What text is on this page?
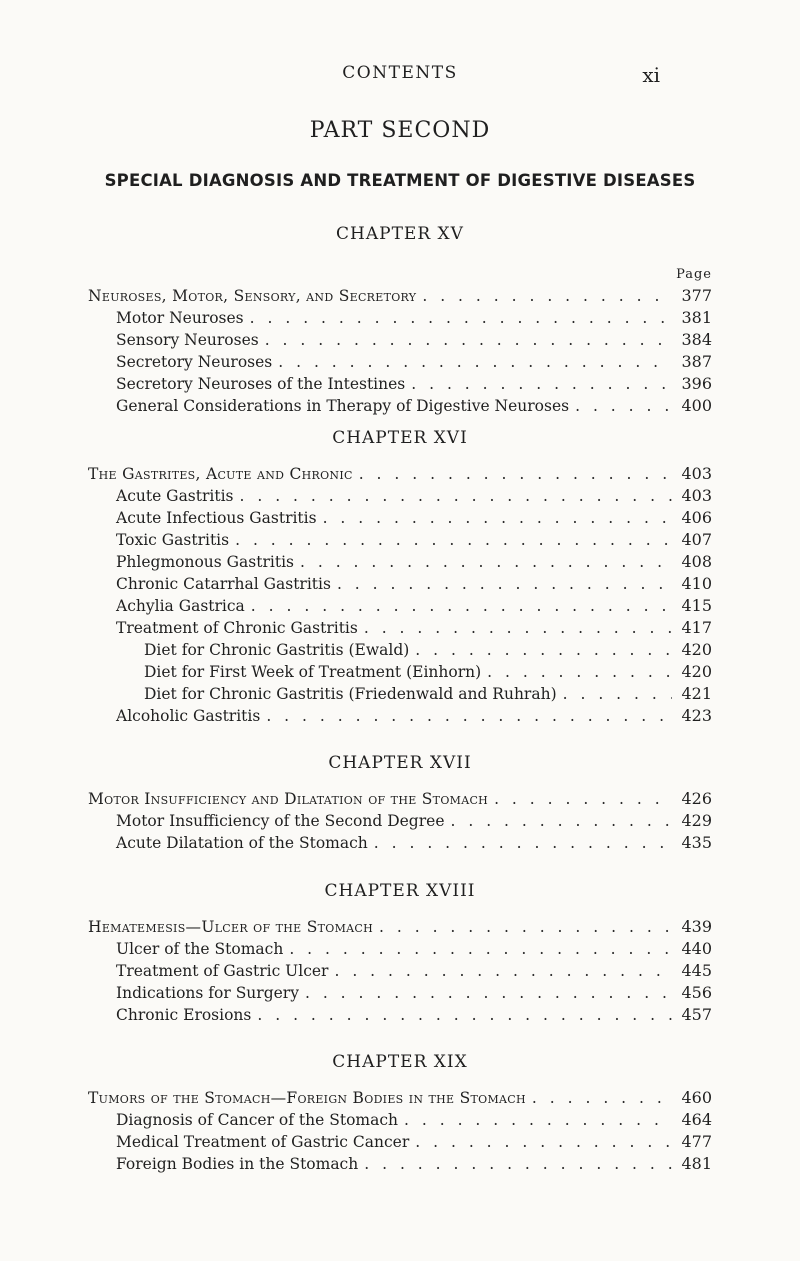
CONTENTS	xi
PART SECOND
SPECIAL DIAGNOSIS AND TREATMENT OF DIGESTIVE DISEASES
CHAPTER XV
Page
Neuroses, Motor, Sensory, and Secretory . . .	377
Motor Neuroses . . .	381
Sensory Neuroses . . .	384
Secretory Neuroses . . .	387
Secretory Neuroses of the Intestines . . .	396
General Considerations in Therapy of Digestive Neuroses . . .	400
CHAPTER XVI
The Gastrites, Acute and Chronic . . .	403
Acute Gastritis . . .	403
Acute Infectious Gastritis . . .	406
Toxic Gastritis . . .	407
Phlegmonous Gastritis . . .	408
Chronic Catarrhal Gastritis . . .	410
Achylia Gastrica . . .	415
Treatment of Chronic Gastritis . . .	417
Diet for Chronic Gastritis (Ewald) . . .	420
Diet for First Week of Treatment (Einhorn) . . .	420
Diet for Chronic Gastritis (Friedenwald and Ruhrah) . . .	421
Alcoholic Gastritis . . .	423
CHAPTER XVII
Motor Insufficiency and Dilatation of the Stomach . . .	426
Motor Insufficiency of the Second Degree . . .	429
Acute Dilatation of the Stomach . . .	435
CHAPTER XVIII
Hematemesis—Ulcer of the Stomach . . .	439
Ulcer of the Stomach . . .	440
Treatment of Gastric Ulcer . . .	445
Indications for Surgery . . .	456
Chronic Erosions . . .	457
CHAPTER XIX
Tumors of the Stomach—Foreign Bodies in the Stomach . . .	460
Diagnosis of Cancer of the Stomach . . .	464
Medical Treatment of Gastric Cancer . . .	477
Foreign Bodies in the Stomach . . .	481
